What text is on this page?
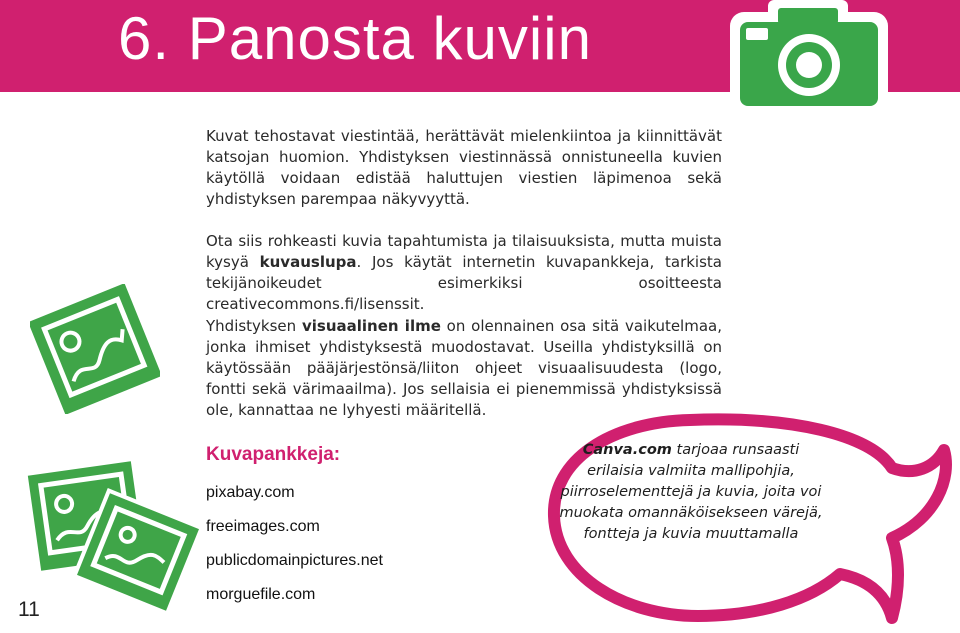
6. Panosta kuviin

Kuvat tehostavat viestintää, herättävät mielenkiintoa ja kiinnittävät katsojan huomion. Yhdistyksen viestinnässä onnistuneella kuvien käytöllä voidaan edistää haluttujen viestien läpimenoa sekä yhdistyksen parempaa näkyvyyttä.

Ota siis rohkeasti kuvia tapahtumista ja tilaisuuksista, mutta muista kysyä kuvauslupa. Jos käytät internetin kuvapankkeja, tarkista tekijänoikeudet esimerkiksi osoitteesta creativecommons.fi/lisenssit.

Yhdistyksen visuaalinen ilme on olennainen osa sitä vaikutelmaa, jonka ihmiset yhdistyksestä muodostavat. Useilla yhdistyksillä on käytössään pääjärjestönsä/liiton ohjeet visuaalisuudesta (logo, fontti sekä värimaailma). Jos sellaisia ei pienemmissä yhdistyksissä ole, kannattaa ne lyhyesti määritellä.

Kuvapankkeja:
pixabay.com
freeimages.com
publicdomainpictures.net
morguefile.com
11
Canva.com tarjoaa runsaasti erilaisia valmiita mallipohjia, piirroselementtejä ja kuvia, joita voi muokata omannäköisekseen värejä, fontteja ja kuvia muuttamalla
